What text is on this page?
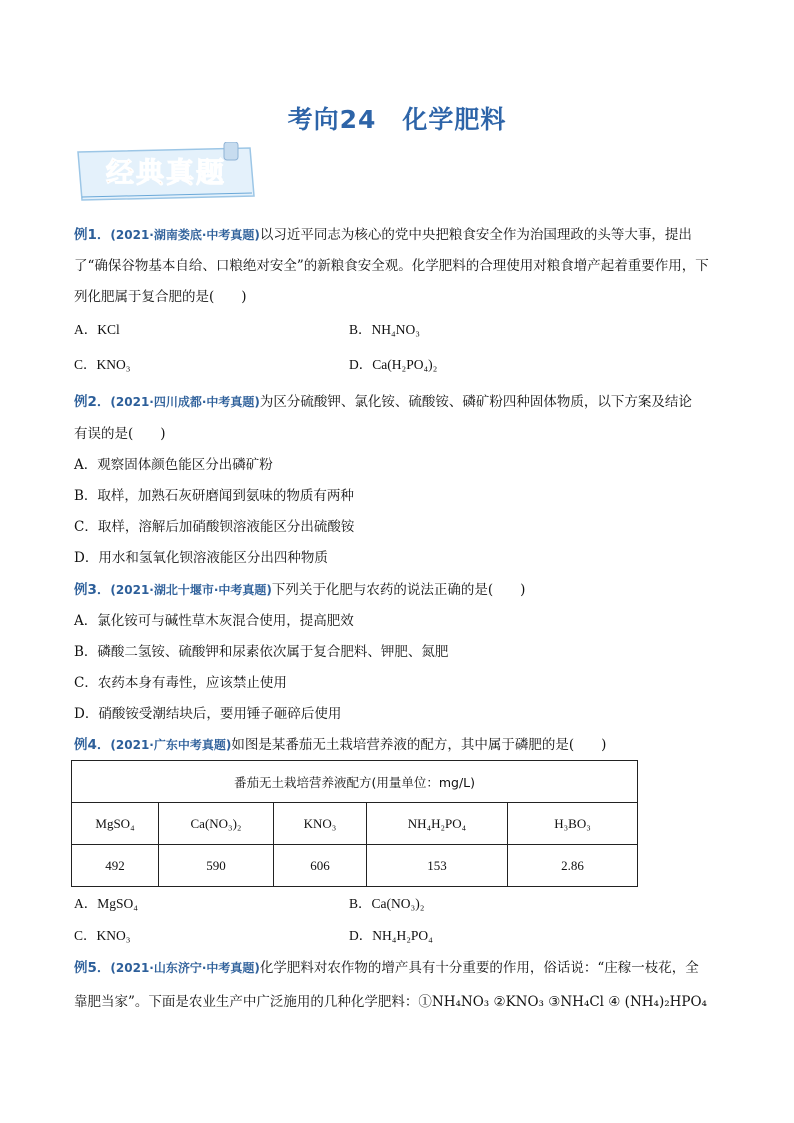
考向24　化学肥料
经典真题
例1．(2021·湖南娄底·中考真题)以习近平同志为核心的党中央把粮食安全作为治国理政的头等大事，提出
了“确保谷物基本自给、口粮绝对安全”的新粮食安全观。化学肥料的合理使用对粮食增产起着重要作用，下
列化肥属于复合肥的是(　　)
A．KCl	B．NH₄NO₃
C．KNO₃	D．Ca(H₂PO₄)₂
例2．(2021·四川成都·中考真题)为区分硫酸钾、氯化铵、硫酸铵、磷矿粉四种固体物质，以下方案及结论
有误的是(　　)
A．观察固体颜色能区分出磷矿粉
B．取样，加熟石灰研磨闻到氨味的物质有两种
C．取样，溶解后加硝酸钡溶液能区分出硫酸铵
D．用水和氢氧化钡溶液能区分出四种物质
例3．(2021·湖北十堰市·中考真题)下列关于化肥与农药的说法正确的是(　　)
A．氯化铵可与碱性草木灰混合使用，提高肥效
B．磷酸二氢铵、硫酸钾和尿素依次属于复合肥料、钾肥、氮肥
C．农药本身有毒性，应该禁止使用
D．硝酸铵受潮结块后，要用锤子砸碎后使用
例4．(2021·广东中考真题)如图是某番茄无土栽培营养液的配方，其中属于磷肥的是(　　)
番茄无土栽培营养液配方(用量单位：mg/L)				
MgSO₄	Ca(NO₃)₂	KNO₃	NH₄H₂PO₄	H₃BO₃
492	590	606	153	2.86
A．MgSO₄	B．Ca(NO₃)₂
C．KNO₃	D．NH₄H₂PO₄
例5．(2021·山东济宁·中考真题)化学肥料对农作物的增产具有十分重要的作用，俗话说：“庄稼一枝花，全
靠肥当家”。下面是农业生产中广泛施用的几种化学肥料：①NH₄NO₃ ②KNO₃ ③NH₄Cl ④ (NH₄)₂HPO₄
